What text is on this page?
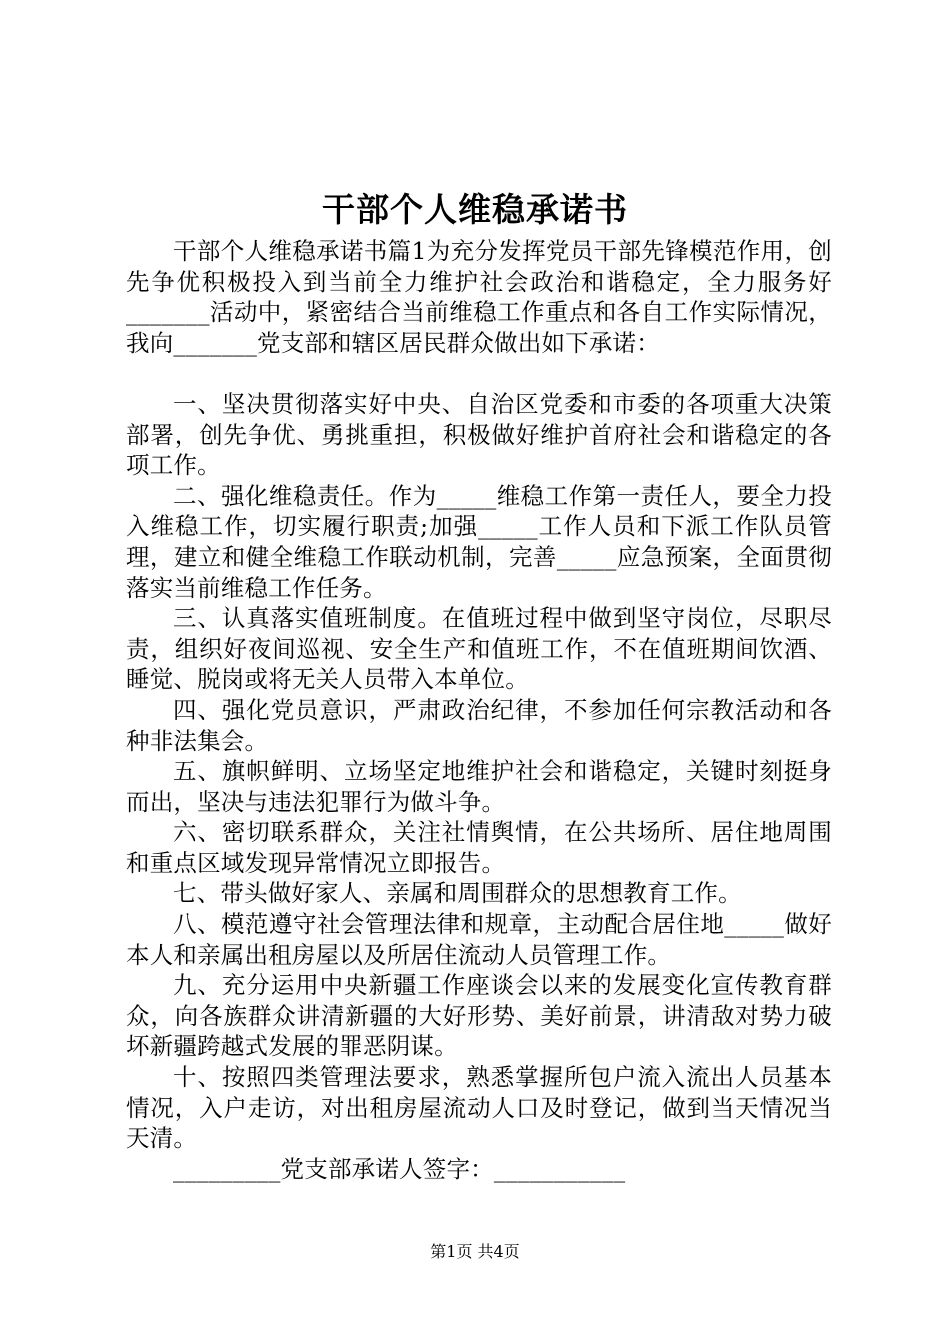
干部个人维稳承诺书

干部个人维稳承诺书篇1为充分发挥党员干部先锋模范作用，创先争优积极投入到当前全力维护社会政治和谐稳定，全力服务好_______活动中，紧密结合当前维稳工作重点和各自工作实际情况，我向_______党支部和辖区居民群众做出如下承诺：

一、坚决贯彻落实好中央、自治区党委和市委的各项重大决策部署，创先争优、勇挑重担，积极做好维护首府社会和谐稳定的各项工作。

二、强化维稳责任。作为_____维稳工作第一责任人，要全力投入维稳工作，切实履行职责;加强_____工作人员和下派工作队员管理，建立和健全维稳工作联动机制，完善_____应急预案，全面贯彻落实当前维稳工作任务。

三、认真落实值班制度。在值班过程中做到坚守岗位，尽职尽责，组织好夜间巡视、安全生产和值班工作，不在值班期间饮酒、睡觉、脱岗或将无关人员带入本单位。

四、强化党员意识，严肃政治纪律，不参加任何宗教活动和各种非法集会。

五、旗帜鲜明、立场坚定地维护社会和谐稳定，关键时刻挺身而出，坚决与违法犯罪行为做斗争。

六、密切联系群众，关注社情舆情，在公共场所、居住地周围和重点区域发现异常情况立即报告。

七、带头做好家人、亲属和周围群众的思想教育工作。

八、模范遵守社会管理法律和规章，主动配合居住地_____做好本人和亲属出租房屋以及所居住流动人员管理工作。

九、充分运用中央新疆工作座谈会以来的发展变化宣传教育群众，向各族群众讲清新疆的大好形势、美好前景，讲清敌对势力破坏新疆跨越式发展的罪恶阴谋。

十、按照四类管理法要求，熟悉掌握所包户流入流出人员基本情况，入户走访，对出租房屋流动人口及时登记，做到当天情况当天清。

_________党支部承诺人签字：___________

第1页 共4页
